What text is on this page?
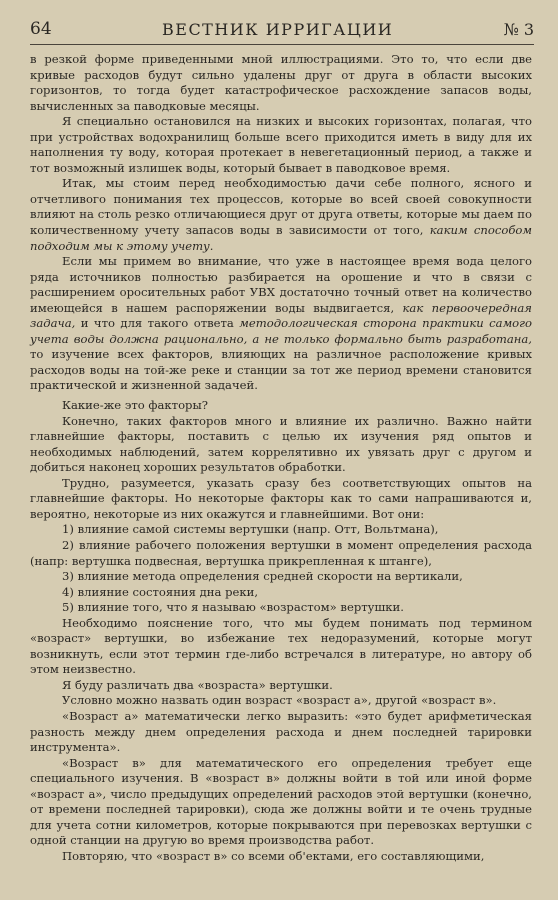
64	ВЕСТНИК ИРРИГАЦИИ	№ 3

в резкой форме приведенными мной иллюстрациями. Это то, что если две кривые расходов будут сильно удалены друг от друга в области высоких горизонтов, то тогда будет катастрофическое расхождение запасов воды, вычисленных за паводковые месяцы.

Я специально остановился на низких и высоких горизонтах, полагая, что при устройствах водохранилищ больше всего приходится иметь в виду для их наполнения ту воду, которая протекает в невегетационный период, а также и тот возможный излишек воды, который бывает в паводковое время.

Итак, мы стоим перед необходимостью дачи себе полного, ясного и отчетливого понимания тех процессов, которые во всей своей совокупности влияют на столь резко отличающиеся друг от друга ответы, которые мы даем по количественному учету запасов воды в зависимости от того, каким способом подходим мы к этому учету.

Если мы примем во внимание, что уже в настоящее время вода целого ряда источников полностью разбирается на орошение и что в связи с расширением оросительных работ УВХ достаточно точный ответ на количество имеющейся в нашем распоряжении воды выдвигается, как первоочередная задача, и что для такого ответа методологическая сторона практики самого учета воды должна рационально, а не только формально быть разработана, то изучение всех факторов, влияющих на различное расположение кривых расходов воды на той-же реке и станции за тот же период времени становится практической и жизненной задачей.

Какие-же это факторы?

Конечно, таких факторов много и влияние их различно. Важно найти главнейшие факторы, поставить с целью их изучения ряд опытов и необходимых наблюдений, затем коррелятивно их увязать друг с другом и добиться наконец хороших результатов обработки.

Трудно, разумеется, указать сразу без соответствующих опытов на главнейшие факторы. Но некоторые факторы как то сами напрашиваются и, вероятно, некоторые из них окажутся и главнейшими. Вот они:

1) влияние самой системы вертушки (напр. Отт, Вольтмана),

2) влияние рабочего положения вертушки в момент определения расхода (напр: вертушка подвесная, вертушка прикрепленная к штанге),

3) влияние метода определения средней скорости на вертикали,

4) влияние состояния дна реки,

5) влияние того, что я называю «возрастом» вертушки.

Необходимо пояснение того, что мы будем понимать под термином «возраст» вертушки, во избежание тех недоразумений, которые могут возникнуть, если этот термин где-либо встречался в литературе, но автору об этом неизвестно.

Я буду различать два «возраста» вертушки.

Условно можно назвать один возраст «возраст а», другой «возраст в».

«Возраст а» математически легко выразить: «это будет арифметическая разность между днем определения расхода и днем последней тарировки инструмента».

«Возраст в» для математического его определения требует еще специального изучения. В «возраст в» должны войти в той или иной форме «возраст а», число предыдущих определений расходов этой вертушки (конечно, от времени последней тарировки), сюда же должны войти и те очень трудные для учета сотни километров, которые покрываются при перевозках вертушки с одной станции на другую во время производства работ.

Повторяю, что «возраст в» со всеми об'ектами, его составляющими,
